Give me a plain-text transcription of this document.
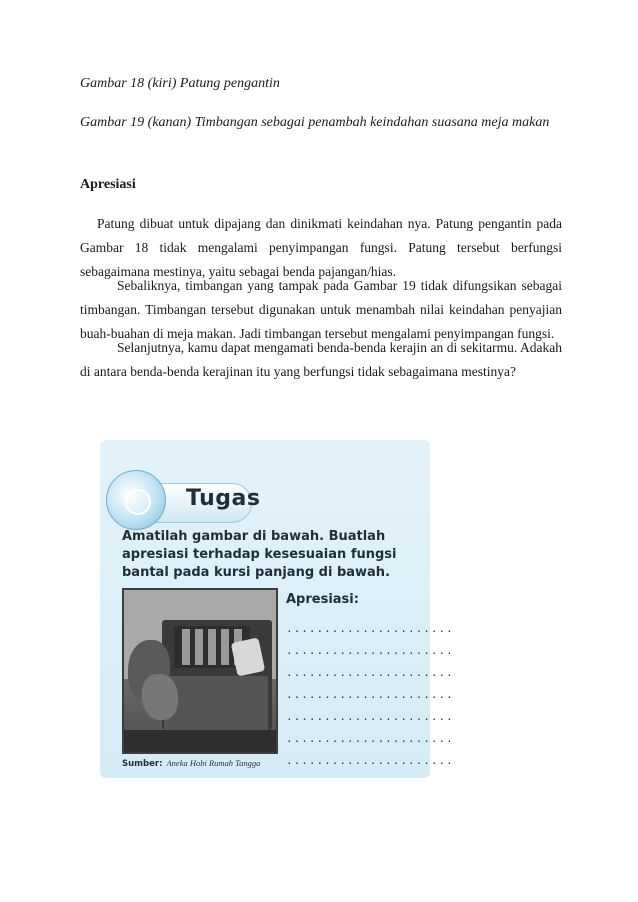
Gambar 18 (kiri) Patung pengantin

Gambar 19 (kanan) Timbangan sebagai penambah keindahan suasana meja makan

Apresiasi

Patung dibuat untuk dipajang dan dinikmati keindahan nya. Patung pengantin pada Gambar 18 tidak mengalami penyimpangan fungsi. Patung tersebut berfungsi sebagaimana mestinya, yaitu sebagai benda pajangan/hias.

Sebaliknya, timbangan yang tampak pada Gambar 19 tidak difungsikan sebagai timbangan. Timbangan tersebut digunakan untuk menambah nilai keindahan penyajian buah-buahan di meja makan. Jadi timbangan tersebut mengalami penyimpangan fungsi.

Selanjutnya, kamu dapat mengamati benda-benda kerajin an di sekitarmu. Adakah di antara benda-benda kerajinan itu yang berfungsi tidak sebagaimana mestinya?

Tugas

Amatilah gambar di bawah. Buatlah apresiasi terhadap kesesuaian fungsi bantal pada kursi panjang di bawah.

Apresiasi:

......................
......................
......................
......................
......................
......................
......................

Sumber: Aneka Hobi Rumah Tangga
